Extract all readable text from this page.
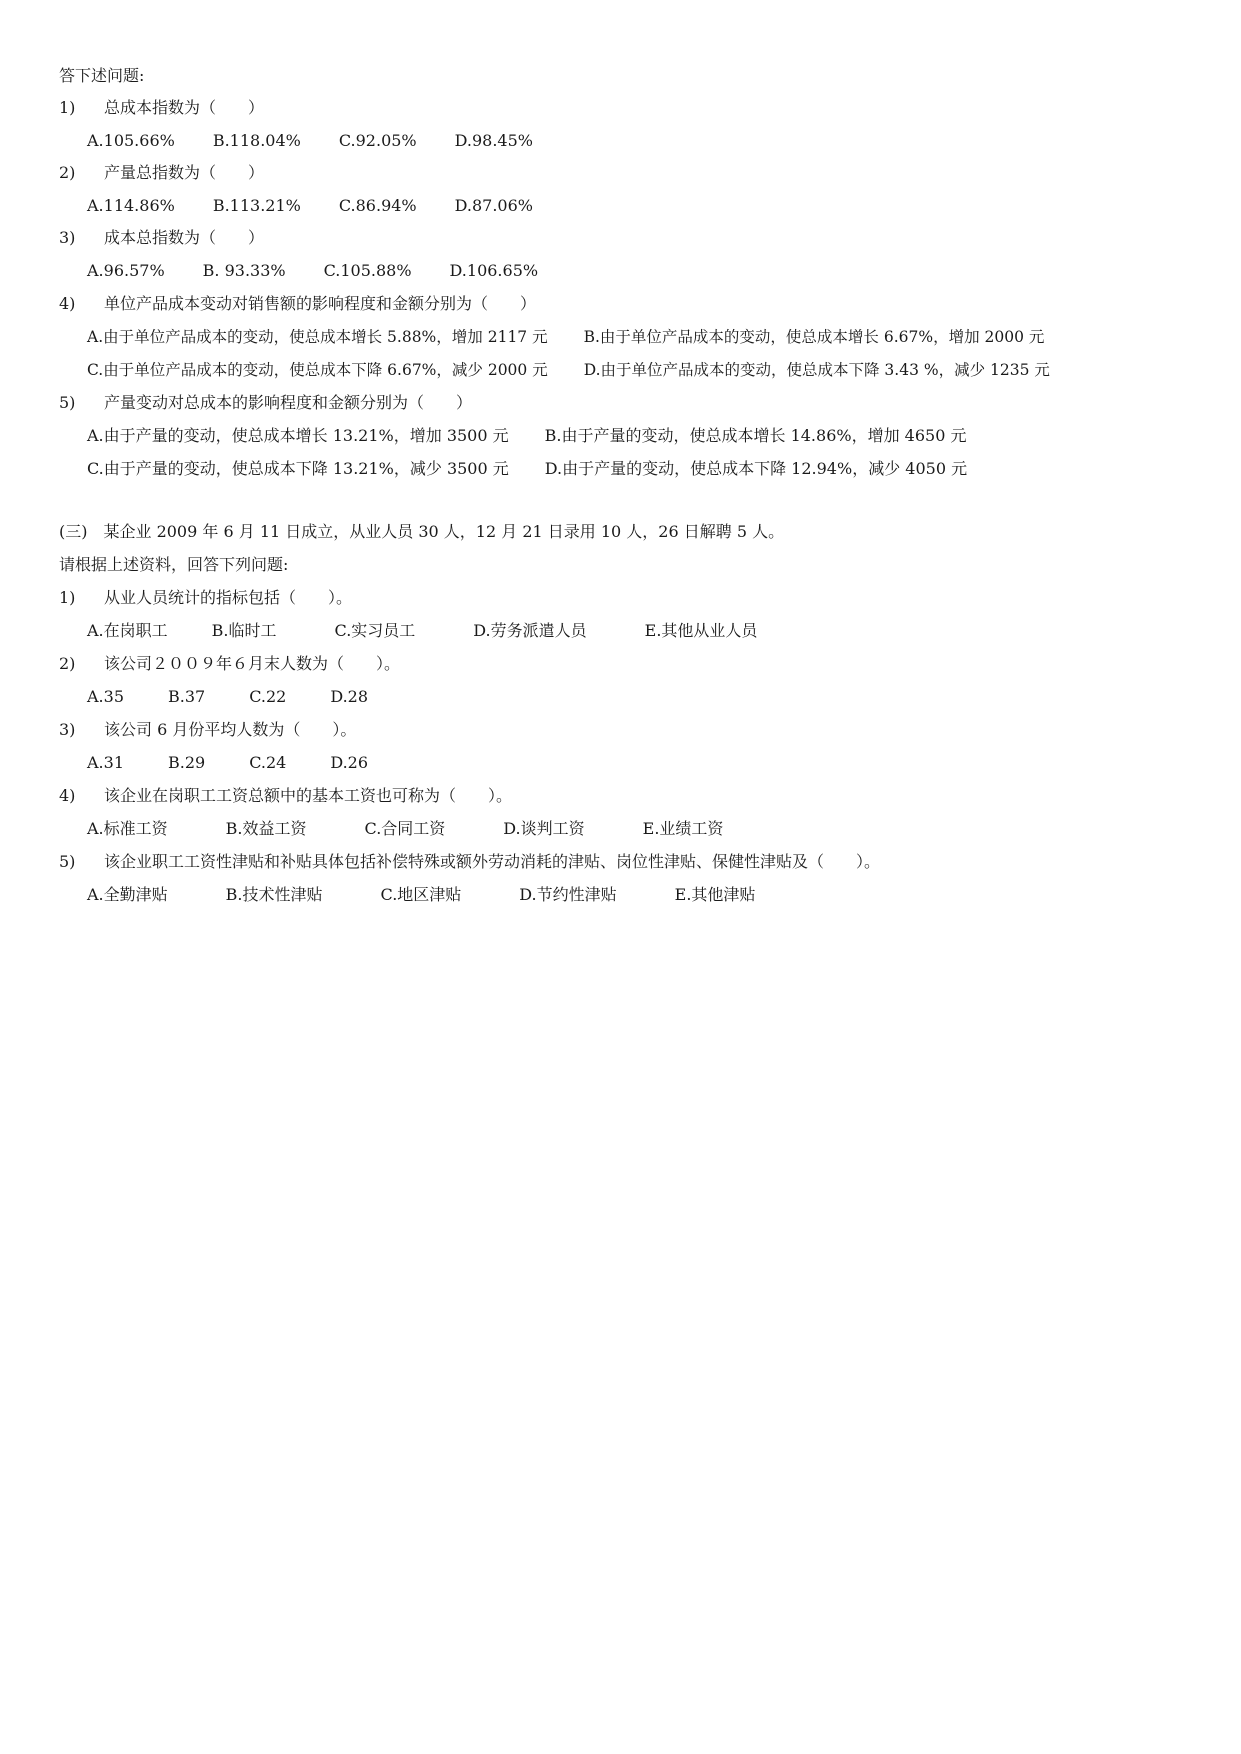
答下述问题:
1) 总成本指数为（　　）
A.105.66% B.118.04% C.92.05% D.98.45%
2) 产量总指数为（　　）
A.114.86% B.113.21% C.86.94% D.87.06%
3) 成本总指数为（　　）
A.96.57% B. 93.33% C.105.88% D.106.65%
4) 单位产品成本变动对销售额的影响程度和金额分别为（　　）
A.由于单位产品成本的变动，使总成本增长 5.88%，增加 2117 元 B.由于单位产品成本的变动，使总成本增长 6.67%，增加 2000 元
C.由于单位产品成本的变动，使总成本下降 6.67%，减少 2000 元 D.由于单位产品成本的变动，使总成本下降 3.43 %，减少 1235 元
5) 产量变动对总成本的影响程度和金额分别为（　　）
A.由于产量的变动，使总成本增长 13.21%，增加 3500 元 B.由于产量的变动，使总成本增长 14.86%，增加 4650 元
C.由于产量的变动，使总成本下降 13.21%，减少 3500 元 D.由于产量的变动，使总成本下降 12.94%，减少 4050 元
(三)　某企业 2009 年 6 月 11 日成立，从业人员 30 人，12 月 21 日录用 10 人，26 日解聘 5 人。
请根据上述资料，回答下列问题:
1) 从业人员统计的指标包括（　　）。
A.在岗职工	B.临时工	C.实习员工	D.劳务派遣人员	E.其他从业人员
2) 该公司２００９年６月末人数为（　　）。
A.35	B.37	C.22	D.28
3) 该公司 6 月份平均人数为（　　）。
A.31	B.29	C.24	D.26
4) 该企业在岗职工工资总额中的基本工资也可称为（　　）。
A.标准工资	B.效益工资	C.合同工资	D.谈判工资	E.业绩工资
5) 该企业职工工资性津贴和补贴具体包括补偿特殊或额外劳动消耗的津贴、岗位性津贴、保健性津贴及（　　）。
A.全勤津贴	B.技术性津贴	C.地区津贴	D.节约性津贴	E.其他津贴
